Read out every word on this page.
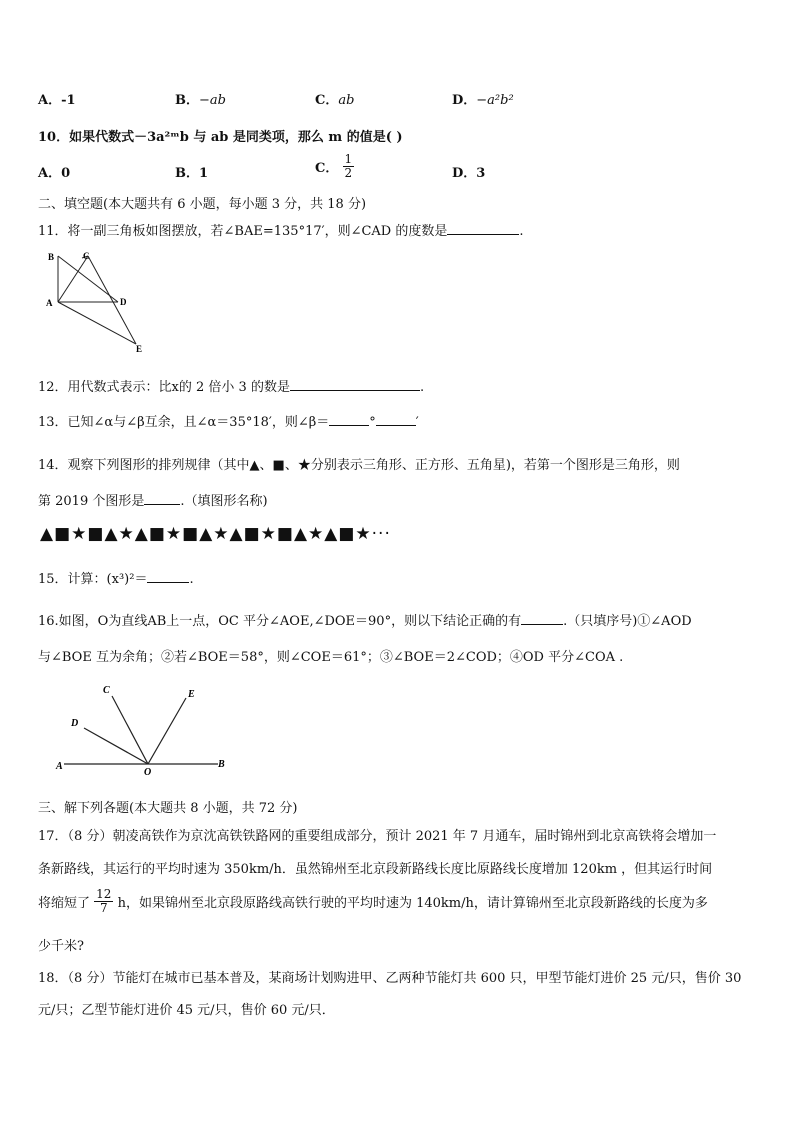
A．-1	B．−ab	C．ab	D．−a²b²
10．如果代数式－3a²ᵐb 与 ab 是同类项，那么 m 的值是( )
A．0	B．1	C． $\frac{1}{2}$	D．3
二、填空题(本大题共有 6 小题，每小题 3 分，共 18 分)
11．将一副三角板如图摆放，若∠BAE=135°17′，则∠CAD 的度数是	.
B	C
A	D
E
12．用代数式表示：比x的 2 倍小 3 的数是	.
13．已知∠α与∠β互余，且∠α＝35°18′，则∠β＝	°	′
14．观察下列图形的排列规律（其中▲、■、★分别表示三角形、正方形、五角星)，若第一个图形是三角形，则
第 2019 个图形是	.（填图形名称)
▲■★■▲★▲■★■▲★▲■★■▲★▲■★···
15．计算：(x³)²＝	.
16.如图，O为直线AB上一点，OC 平分∠AOE,∠DOE＝90°，则以下结论正确的有	.（只填序号)①∠AOD
与∠BOE 互为余角；②若∠BOE＝58°，则∠COE＝61°；③∠BOE＝2∠COD；④OD 平分∠COA .
C	E
D
A
O
B
三、解下列各题(本大题共 8 小题，共 72 分)
17．（8 分）朝凌高铁作为京沈高铁铁路网的重要组成部分，预计 2021 年 7 月通车，届时锦州到北京高铁将会增加一
条新路线，其运行的平均时速为 350km/h．虽然锦州至北京段新路线长度比原路线长度增加 120km ，但其运行时间
将缩短了 $\frac{12}{7}$ h，如果锦州至北京段原路线高铁行驶的平均时速为 140km/h，请计算锦州至北京段新路线的长度为多
少千米?
18．（8 分）节能灯在城市已基本普及，某商场计划购进甲、乙两种节能灯共 600 只，甲型节能灯进价 25 元/只，售价 30
元/只；乙型节能灯进价 45 元/只，售价 60 元/只．
